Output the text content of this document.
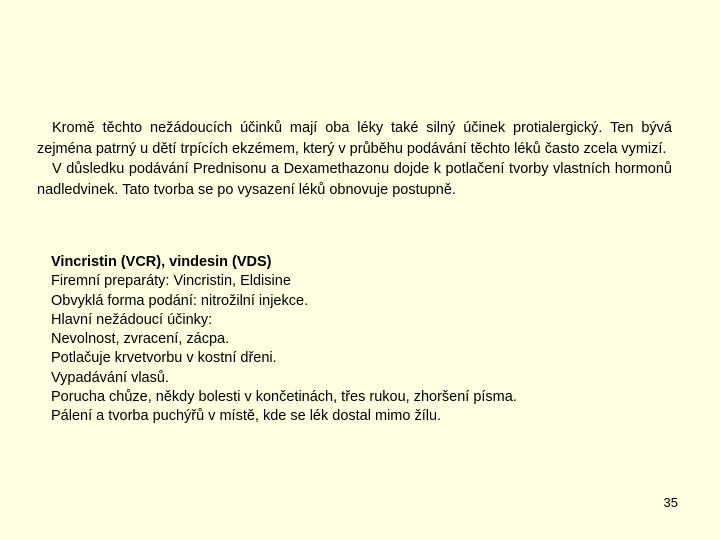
Kromě těchto nežádoucích účinků mají oba léky také silný účinek protialergický. Ten bývá zejména patrný u dětí trpících ekzémem, který v průběhu podávání těchto léků často zcela vymizí.

V důsledku podávání Prednisonu a Dexamethazonu dojde k potlačení tvorby vlastních hormonů nadledvinek. Tato tvorba se po vysazení léků obnovuje postupně.

Vincristin (VCR), vindesin (VDS)
Firemní preparáty: Vincristin, Eldisine
Obvyklá forma podání: nitrožilní injekce.
Hlavní nežádoucí účinky:
Nevolnost, zvracení, zácpa.
Potlačuje krvetvorbu v kostní dřeni.
Vypadávání vlasů.
Porucha chůze, někdy bolesti v končetinách, třes rukou, zhoršení písma.
Pálení a tvorba puchýřů v místě, kde se lék dostal mimo žílu.
35
